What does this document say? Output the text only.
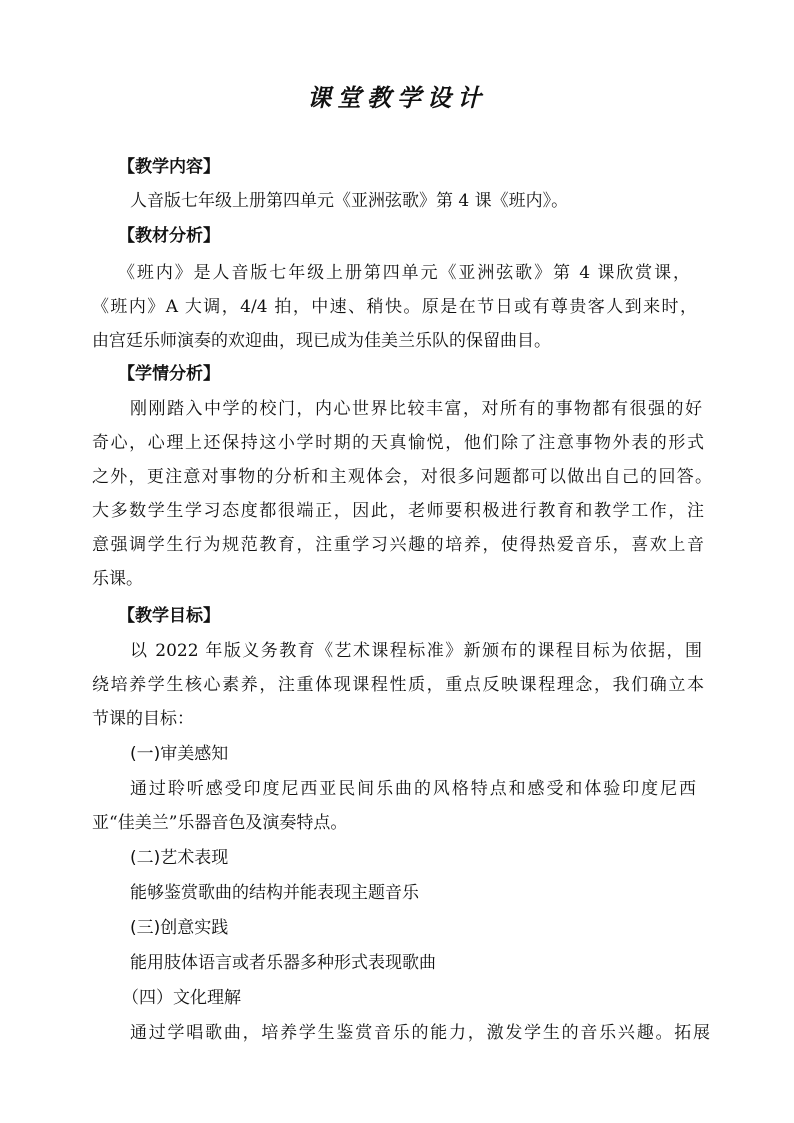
课堂教学设计
【教学内容】
人音版七年级上册第四单元《亚洲弦歌》第 4 课《班内》。
【教材分析】
《班内》是人音版七年级上册第四单元《亚洲弦歌》第 4 课欣赏课，
《班内》A 大调，4/4 拍，中速、稍快。原是在节日或有尊贵客人到来时，
由宫廷乐师演奏的欢迎曲，现已成为佳美兰乐队的保留曲目。
【学情分析】
刚刚踏入中学的校门，内心世界比较丰富，对所有的事物都有很强的好
奇心，心理上还保持这小学时期的天真愉悦，他们除了注意事物外表的形式
之外，更注意对事物的分析和主观体会，对很多问题都可以做出自己的回答。
大多数学生学习态度都很端正，因此，老师要积极进行教育和教学工作，注
意强调学生行为规范教育，注重学习兴趣的培养，使得热爱音乐，喜欢上音
乐课。
【教学目标】
以 2022 年版义务教育《艺术课程标准》新颁布的课程目标为依据，围
绕培养学生核心素养，注重体现课程性质，重点反映课程理念，我们确立本
节课的目标：
(一)审美感知
通过聆听感受印度尼西亚民间乐曲的风格特点和感受和体验印度尼西
亚“佳美兰”乐器音色及演奏特点。
(二)艺术表现
能够鉴赏歌曲的结构并能表现主题音乐
(三)创意实践
能用肢体语言或者乐器多种形式表现歌曲
（四）文化理解
通过学唱歌曲，培养学生鉴赏音乐的能力，激发学生的音乐兴趣。拓展
